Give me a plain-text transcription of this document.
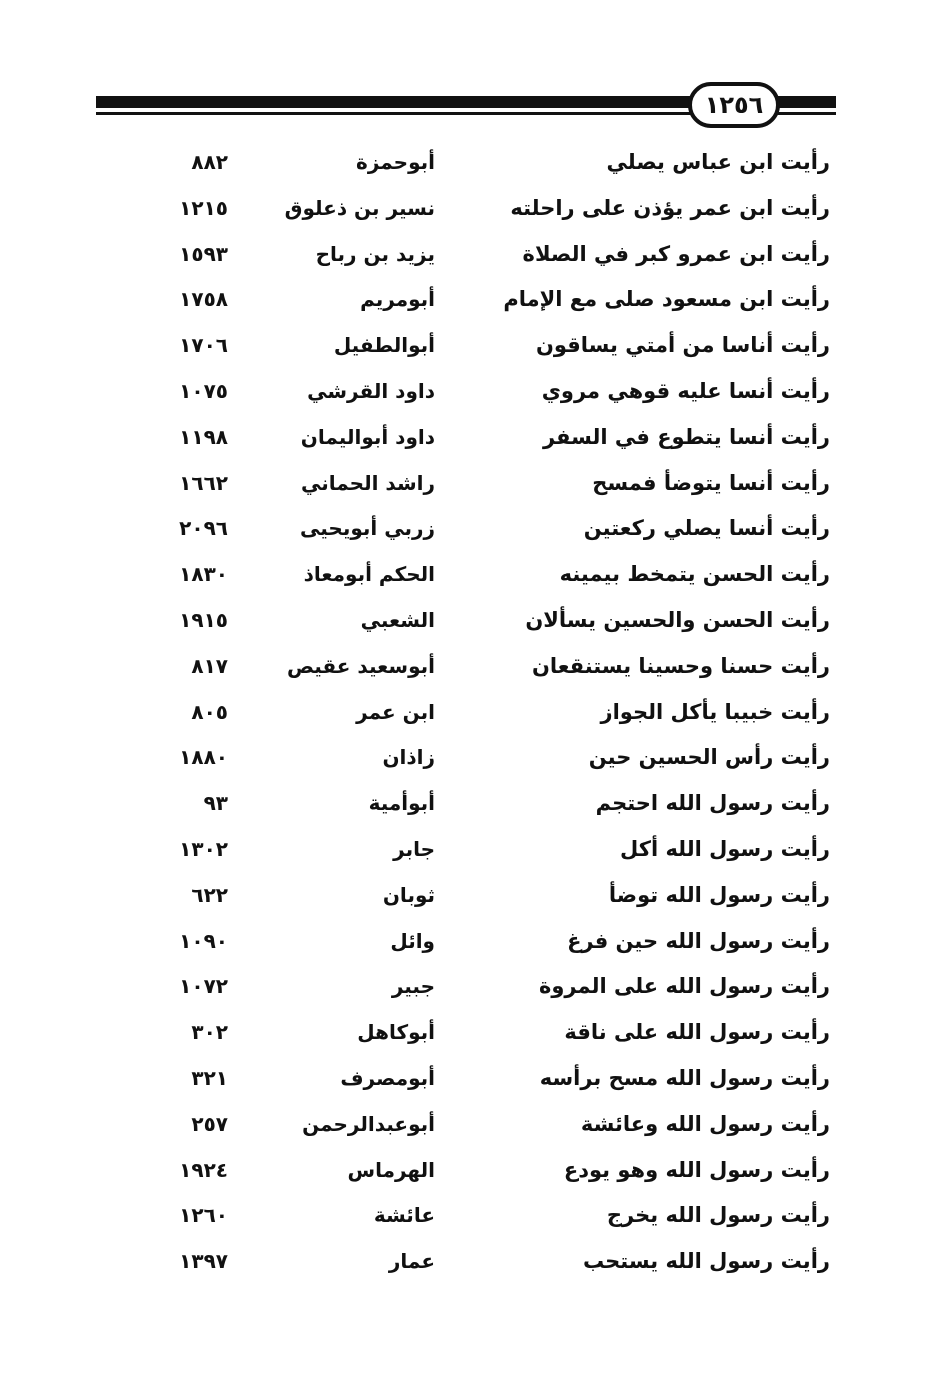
١٢٥٦
رأيت ابن عباس يصلي
أبوحمزة
٨٨٢
رأيت ابن عمر يؤذن على راحلته
نسير بن ذعلوق
١٢١٥
رأيت ابن عمرو كبر في الصلاة
يزيد بن رباح
١٥٩٣
رأيت ابن مسعود صلى مع الإمام
أبومريم
١٧٥٨
رأيت أناسا من أمتي يساقون
أبوالطفيل
١٧٠٦
رأيت أنسا عليه قوهي مروي
داود القرشي
١٠٧٥
رأيت أنسا يتطوع في السفر
داود أبواليمان
١١٩٨
رأيت أنسا يتوضأ فمسح
راشد الحماني
١٦٦٢
رأيت أنسا يصلي ركعتين
زربي أبويحيى
٢٠٩٦
رأيت الحسن يتمخط بيمينه
الحكم أبومعاذ
١٨٣٠
رأيت الحسن والحسين يسألان
الشعبي
١٩١٥
رأيت حسنا وحسينا يستنقعان
أبوسعيد عقيص
٨١٧
رأيت خبيبا يأكل الجواز
ابن عمر
٨٠٥
رأيت رأس الحسين حين
زاذان
١٨٨٠
رأيت رسول الله احتجم
أبوأمية
٩٣
رأيت رسول الله أكل
جابر
١٣٠٢
رأيت رسول الله توضأ
ثوبان
٦٢٢
رأيت رسول الله حين فرغ
وائل
١٠٩٠
رأيت رسول الله على المروة
جبير
١٠٧٢
رأيت رسول الله على ناقة
أبوكاهل
٣٠٢
رأيت رسول الله مسح برأسه
أبومصرف
٣٢١
رأيت رسول الله وعائشة
أبوعبدالرحمن
٢٥٧
رأيت رسول الله وهو يودع
الهرماس
١٩٢٤
رأيت رسول الله يخرج
عائشة
١٢٦٠
رأيت رسول الله يستحب
عمار
١٣٩٧
